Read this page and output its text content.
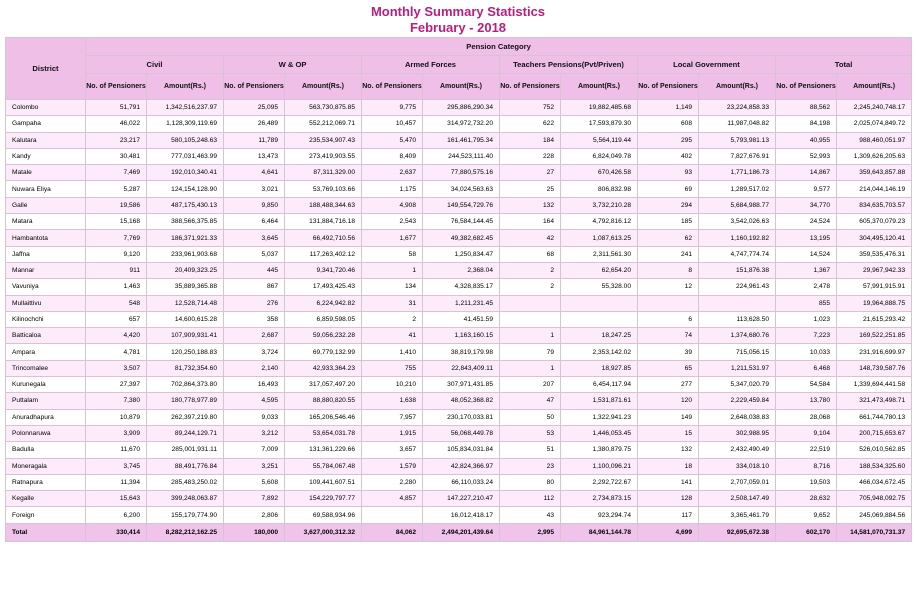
Monthly Summary Statistics
February - 2018
District	Pension Category											
	Civil		W & OP		Armed Forces		Teachers Pensions(Pvt/Priven)		Local Government		Total	
	No. of Pensioners	Amount(Rs.)	No. of Pensioners	Amount(Rs.)	No. of Pensioners	Amount(Rs.)	No. of Pensioners	Amount(Rs.)	No. of Pensioners	Amount(Rs.)	No. of Pensioners	Amount(Rs.)
Colombo	51,791	1,342,516,237.97	25,095	563,730,875.85	9,775	295,886,290.34	752	19,882,485.68	1,149	23,224,858.33	88,562	2,245,240,748.17
Gampaha	46,022	1,128,309,119.69	26,489	552,212,069.71	10,457	314,972,732.20	622	17,593,879.30	608	11,987,048.82	84,198	2,025,074,849.72
Kalutara	23,217	580,105,248.63	11,789	235,534,907.43	5,470	161,461,795.34	184	5,564,119.44	295	5,793,981.13	40,955	988,460,051.97
Kandy	30,481	777,031,463.99	13,473	273,419,903.55	8,409	244,523,111.40	228	6,824,049.78	402	7,827,676.91	52,993	1,309,626,205.63
Matale	7,469	192,010,340.41	4,641	87,311,329.00	2,637	77,880,575.16	27	670,426.58	93	1,771,186.73	14,867	359,643,857.88
Nuwara Eliya	5,287	124,154,128.90	3,021	53,769,103.66	1,175	34,024,563.63	25	806,832.98	69	1,289,517.02	9,577	214,044,146.19
Galle	19,586	487,175,430.13	9,850	188,488,344.63	4,908	149,554,729.76	132	3,732,210.28	294	5,684,988.77	34,770	834,635,703.57
Matara	15,168	388,566,375.85	6,464	131,884,716.18	2,543	76,584,144.45	164	4,792,816.12	185	3,542,026.63	24,524	605,370,079.23
Hambantota	7,769	186,371,921.33	3,645	66,492,710.56	1,677	49,382,682.45	42	1,087,613.25	62	1,160,192.82	13,195	304,495,120.41
Jaffna	9,120	233,961,903.68	5,037	117,263,402.12	58	1,250,834.47	68	2,311,561.30	241	4,747,774.74	14,524	359,535,476.31
Mannar	911	20,409,323.25	445	9,341,720.46	1	2,368.04	2	62,654.20	8	151,876.38	1,367	29,967,942.33
Vavuniya	1,463	35,889,365.88	867	17,493,425.43	134	4,328,835.17	2	55,328.00	12	224,961.43	2,478	57,991,915.91
Mullaittivu	548	12,528,714.48	276	6,224,942.82	31	1,211,231.45					855	19,964,888.75
Kilinochchi	657	14,600,615.28	358	6,859,598.05	2	41,451.59			6	113,628.50	1,023	21,615,293.42
Batticaloa	4,420	107,909,931.41	2,687	59,056,232.28	41	1,163,160.15	1	18,247.25	74	1,374,680.76	7,223	169,522,251.85
Ampara	4,781	120,250,188.83	3,724	69,779,132.99	1,410	38,819,179.98	79	2,353,142.02	39	715,056.15	10,033	231,916,699.97
Trincomalee	3,507	81,732,354.60	2,140	42,933,364.23	755	22,843,409.11	1	18,927.85	65	1,211,531.97	6,468	148,739,587.76
Kurunegala	27,397	702,864,373.80	16,493	317,057,497.20	10,210	307,971,431.85	207	6,454,117.94	277	5,347,020.79	54,584	1,339,694,441.58
Puttalam	7,380	180,778,977.89	4,595	88,880,820.55	1,638	48,052,368.82	47	1,531,871.61	120	2,229,459.84	13,780	321,473,498.71
Anuradhapura	10,879	262,397,219.80	9,033	165,206,546.46	7,957	230,170,033.81	50	1,322,941.23	149	2,648,038.83	28,068	661,744,780.13
Polonnaruwa	3,909	89,244,129.71	3,212	53,654,031.78	1,915	56,068,449.78	53	1,446,053.45	15	302,988.95	9,104	200,715,653.67
Badulla	11,670	285,001,931.11	7,009	131,361,229.66	3,657	105,834,031.84	51	1,380,879.75	132	2,432,490.49	22,519	526,010,562.85
Moneragala	3,745	88,491,776.84	3,251	55,784,067.48	1,579	42,824,366.97	23	1,100,096.21	18	334,018.10	8,716	188,534,325.60
Ratnapura	11,394	285,483,250.02	5,608	109,441,607.51	2,280	66,110,033.24	80	2,292,722.67	141	2,707,059.01	19,503	466,034,672.45
Kegalle	15,643	399,248,063.87	7,892	154,229,797.77	4,857	147,227,210.47	112	2,734,873.15	128	2,508,147.49	28,632	705,948,092.75
Foreign	6,200	155,179,774.90	2,806	69,588,934.96		16,012,418.17	43	923,294.74	117	3,365,461.79	9,652	245,069,884.56
Total	330,414	8,282,212,162.25	180,000	3,627,000,312.32	84,062	2,494,201,439.64	2,995	84,961,144.78	4,699	92,695,672.38	602,170	14,581,070,731.37
